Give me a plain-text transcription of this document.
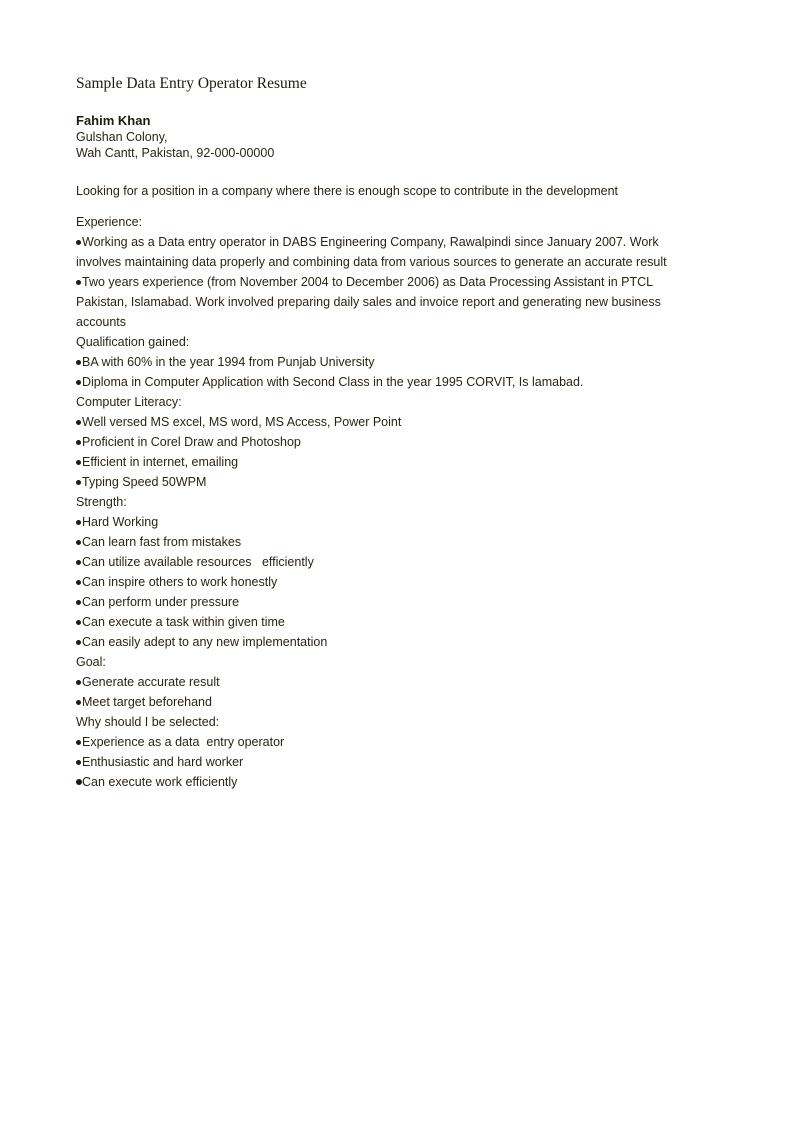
Sample Data Entry Operator Resume
Fahim Khan
Gulshan Colony,
Wah Cantt, Pakistan, 92-000-00000
Looking for a position in a company where there is enough scope to contribute in the development
Experience:
Working as a Data entry operator in DABS Engineering Company, Rawalpindi since January 2007. Work involves maintaining data properly and combining data from various sources to generate an accurate result
Two years experience (from November 2004 to December 2006) as Data Processing Assistant in PTCL Pakistan, Islamabad. Work involved preparing daily sales and invoice report and generating new business accounts
Qualification gained:
BA with 60% in the year 1994 from Punjab University
Diploma in Computer Application with Second Class in the year 1995 CORVIT, Is lamabad.
Computer Literacy:
Well versed MS excel, MS word, MS Access, Power Point
Proficient in Corel Draw and Photoshop
Efficient in internet, emailing
Typing Speed 50WPM
Strength:
Hard Working
Can learn fast from mistakes
Can utilize available resources   efficiently
Can inspire others to work honestly
Can perform under pressure
Can execute a task within given time
Can easily adept to any new implementation
Goal:
Generate accurate result
Meet target beforehand
Why should I be selected:
Experience as a data  entry operator
Enthusiastic and hard worker
Can execute work efficiently
